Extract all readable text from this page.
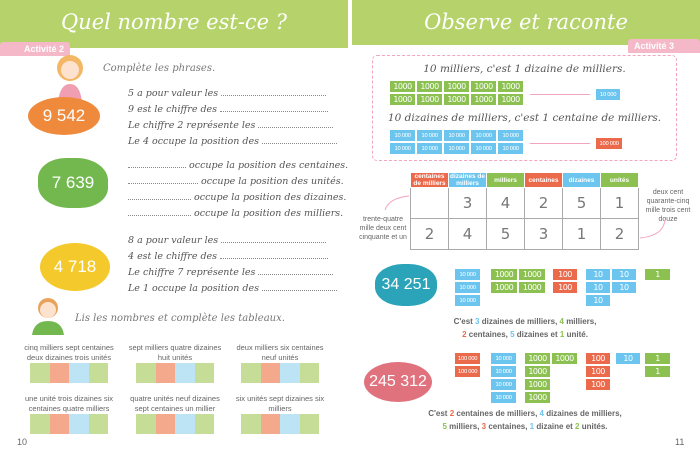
Quel nombre est-ce ?
Activité 2
Complète les phrases.
9 542
5 a pour valeur les
9 est le chiffre des
Le chiffre 2 représente les
Le 4 occupe la position des
7 639
occupe la position des centaines.
occupe la position des unités.
occupe la position des dizaines.
occupe la position des milliers.
4 718
8 a pour valeur les
4 est le chiffre des
Le chiffre 7 représente les
Le 1 occupe la position des
Lis les nombres et complète les tableaux.
cinq milliers sept centaines deux dizaines trois unités
sept milliers quatre dizaines huit unités
deux milliers six centaines neuf unités
une unité trois dizaines six centaines quatre milliers
quatre unités neuf dizaines sept centaines un millier
six unités sept dizaines six milliers
10
Observe et raconte
Activité 3
10 milliers, c'est 1 dizaine de milliers.
1000	1000	1000	1000	1000
1000	1000	1000	1000	1000
10 000
10 dizaines de milliers, c'est 1 centaine de milliers.
10 000	10 000	10 000	10 000	10 000
10 000	10 000	10 000	10 000	10 000
100 000
centaines de milliers	dizaines de milliers	milliers	centaines	dizaines	unités
	3	4	2	5	1
2	4	5	3	1	2
trente-quatre mille deux cent cinquante et un
deux cent quarante-cinq mille trois cent douze
34 251
10 000
10 000
10 000
1000	1000
1000	1000
100
100
10	10
10	10
10
1
C'est 3 dizaines de milliers, 4 milliers,
2 centaines, 5 dizaines et 1 unité.
245 312
100 000
100 000
10 000
10 000
10 000
10 000
1000
1000
1000
1000
1000	100
100
100
10	1
1
C'est 2 centaines de milliers, 4 dizaines de milliers,
5 milliers, 3 centaines, 1 dizaine et 2 unités.
11
